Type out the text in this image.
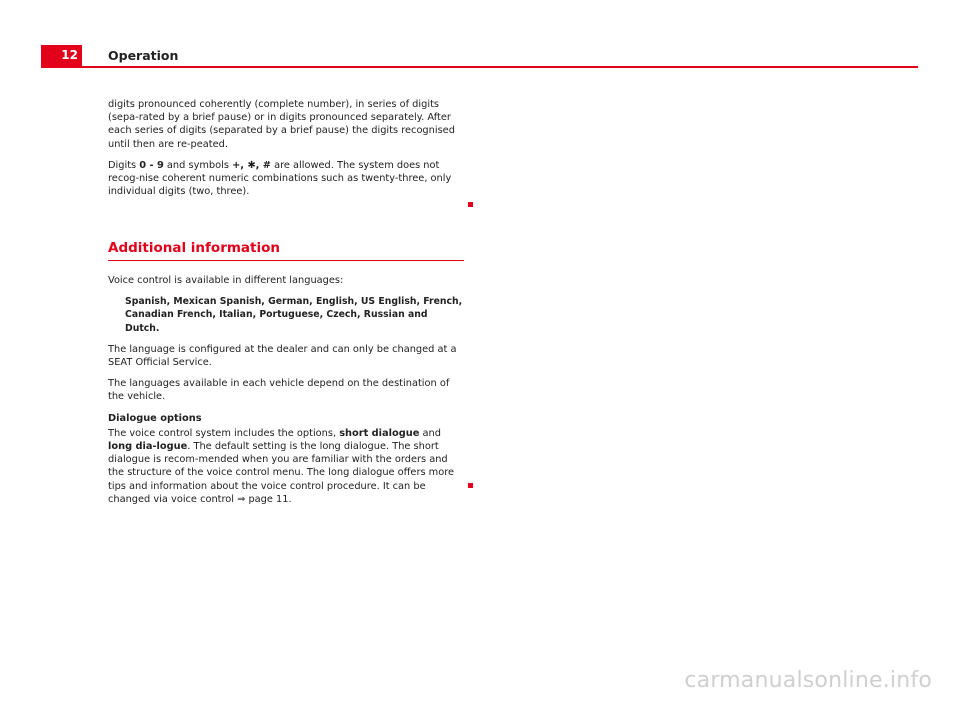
12	Operation

digits pronounced coherently (complete number), in series of digits (sepa-rated by a brief pause) or in digits pronounced separately. After each series of digits (separated by a brief pause) the digits recognised until then are re-peated.

Digits 0 - 9 and symbols +, ✱, # are allowed. The system does not recog-nise coherent numeric combinations such as twenty-three, only individual digits (two, three).

Additional information

Voice control is available in different languages:

Spanish, Mexican Spanish, German, English, US English, French, Canadian French, Italian, Portuguese, Czech, Russian and Dutch.

The language is configured at the dealer and can only be changed at a SEAT Official Service.

The languages available in each vehicle depend on the destination of the vehicle.

Dialogue options

The voice control system includes the options, short dialogue and long dia-logue. The default setting is the long dialogue. The short dialogue is recom-mended when you are familiar with the orders and the structure of the voice control menu. The long dialogue offers more tips and information about the voice control procedure. It can be changed via voice control ⇒ page 11.

carmanualsonline.info
